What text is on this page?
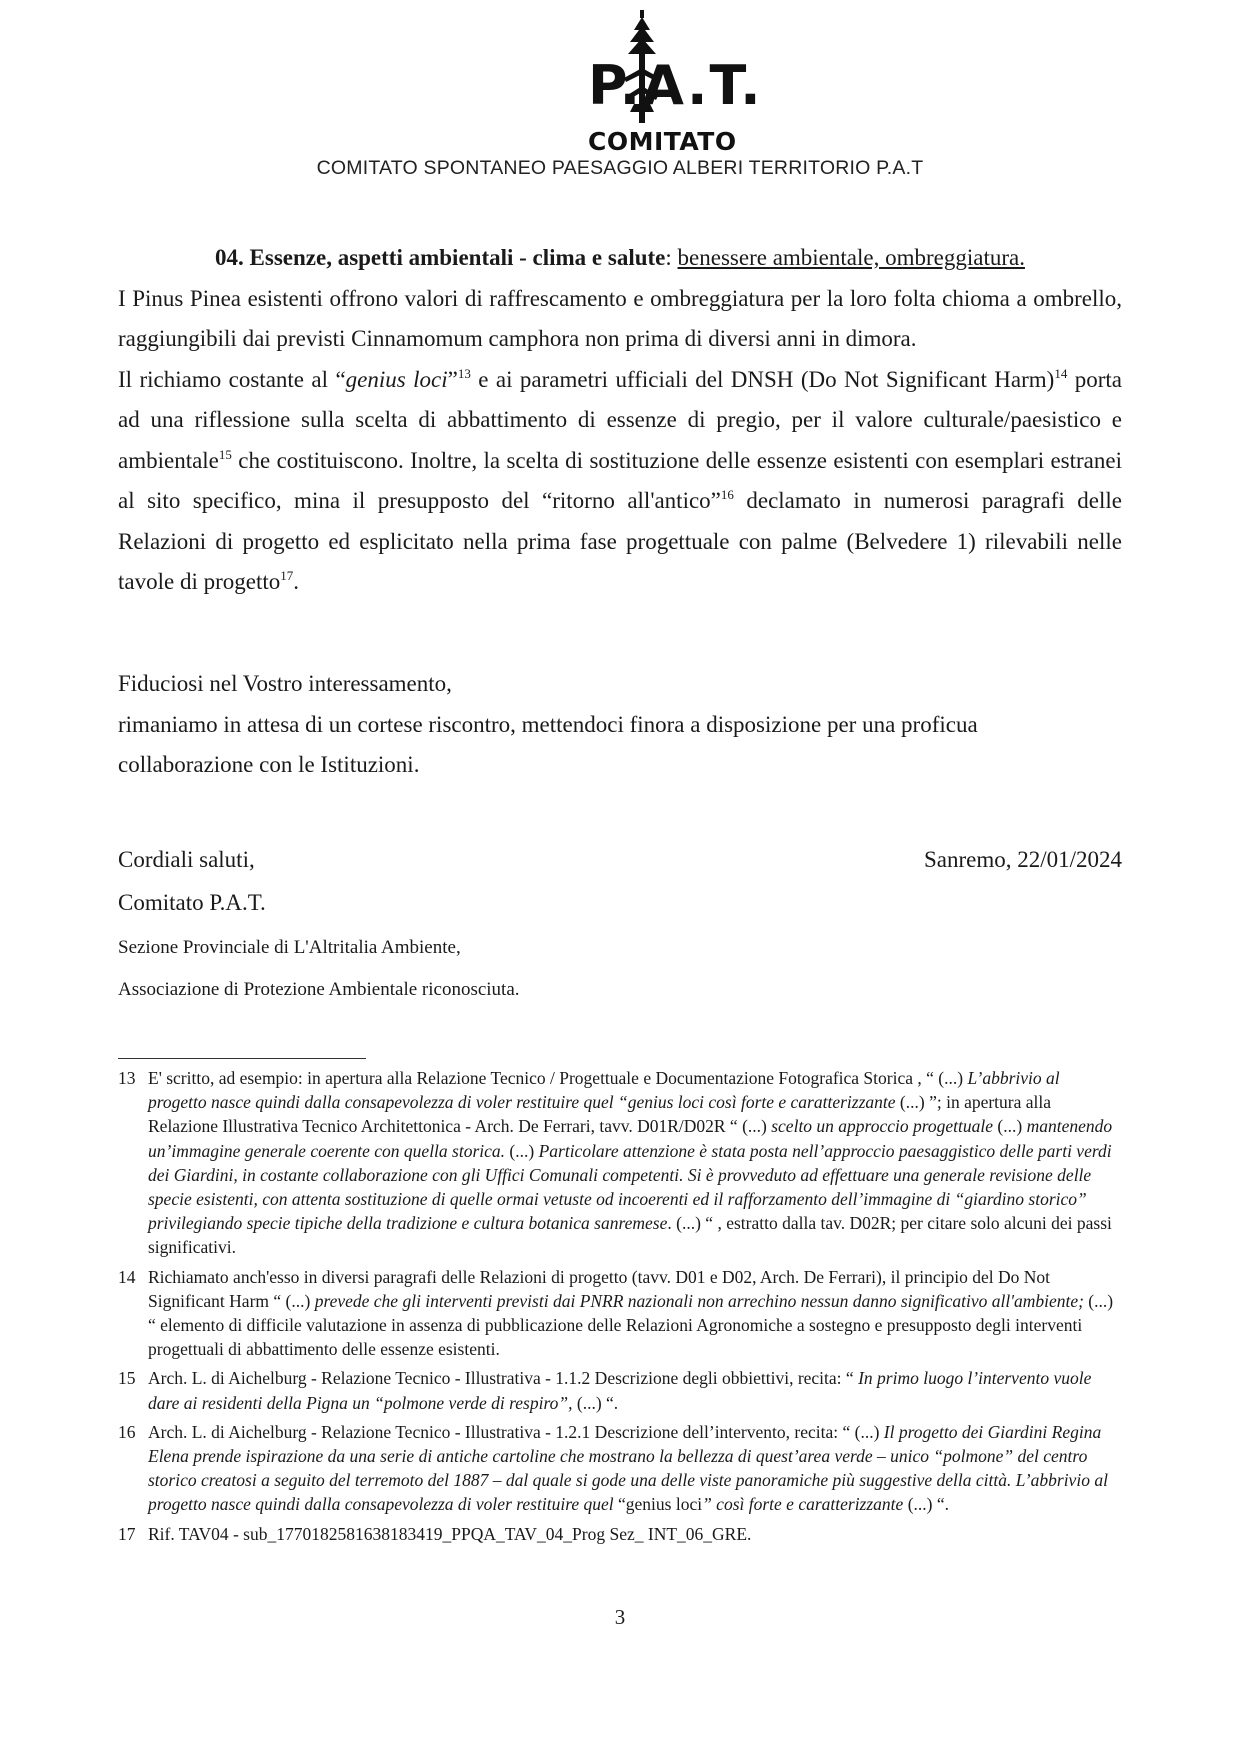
P.A.T.
COMITATO
COMITATO SPONTANEO PAESAGGIO ALBERI TERRITORIO P.A.T

04. Essenze, aspetti ambientali - clima e salute: benessere ambientale, ombreggiatura.

I Pinus Pinea esistenti offrono valori di raffrescamento e ombreggiatura per la loro folta chioma a ombrello, raggiungibili dai previsti Cinnamomum camphora non prima di diversi anni in dimora.

Il richiamo costante al “genius loci”$^{13}$ e ai parametri ufficiali del DNSH (Do Not Significant Harm)$^{14}$ porta ad una riflessione sulla scelta di abbattimento di essenze di pregio, per il valore culturale/paesistico e ambientale$^{15}$ che costituiscono. Inoltre, la scelta di sostituzione delle essenze esistenti con esemplari estranei al sito specifico, mina il presupposto del “ritorno all'antico”$^{16}$ declamato in numerosi paragrafi delle Relazioni di progetto ed esplicitato nella prima fase progettuale con palme (Belvedere 1) rilevabili nelle tavole di progetto$^{17}$.

Fiduciosi nel Vostro interessamento,

rimaniamo in attesa di un cortese riscontro, mettendoci finora a disposizione per una proficua

collaborazione con le Istituzioni.

Cordiali saluti,	Sanremo, 22/01/2024
Comitato P.A.T.
Sezione Provinciale di L'Altritalia Ambiente,
Associazione di Protezione Ambientale riconosciuta.

13 E' scritto, ad esempio: in apertura alla Relazione Tecnico / Progettuale e Documentazione Fotografica Storica , “ (...) L’abbrivio al progetto nasce quindi dalla consapevolezza di voler restituire quel “genius loci così forte e caratterizzante (...) ”; in apertura alla Relazione Illustrativa Tecnico Architettonica - Arch. De Ferrari, tavv. D01R/D02R “ (...) scelto un approccio progettuale (...) mantenendo un’immagine generale coerente con quella storica. (...) Particolare attenzione è stata posta nell’approccio paesaggistico delle parti verdi dei Giardini, in costante collaborazione con gli Uffici Comunali competenti. Si è provveduto ad effettuare una generale revisione delle specie esistenti, con attenta sostituzione di quelle ormai vetuste od incoerenti ed il rafforzamento dell’immagine di “giardino storico” privilegiando specie tipiche della tradizione e cultura botanica sanremese. (...) “ , estratto dalla tav. D02R; per citare solo alcuni dei passi significativi.

14 Richiamato anch'esso in diversi paragrafi delle Relazioni di progetto (tavv. D01 e D02, Arch. De Ferrari), il principio del Do Not Significant Harm “ (...) prevede che gli interventi previsti dai PNRR nazionali non arrechino nessun danno significativo all'ambiente; (...) “ elemento di difficile valutazione in assenza di pubblicazione delle Relazioni Agronomiche a sostegno e presupposto degli interventi progettuali di abbattimento delle essenze esistenti.

15 Arch. L. di Aichelburg - Relazione Tecnico - Illustrativa - 1.1.2 Descrizione degli obbiettivi, recita: “ In primo luogo l’intervento vuole dare ai residenti della Pigna un “polmone verde di respiro”, (...) “.

16 Arch. L. di Aichelburg - Relazione Tecnico - Illustrativa - 1.2.1 Descrizione dell’intervento, recita: “ (...) Il progetto dei Giardini Regina Elena prende ispirazione da una serie di antiche cartoline che mostrano la bellezza di quest’area verde – unico “polmone” del centro storico creatosi a seguito del terremoto del 1887 – dal quale si gode una delle viste panoramiche più suggestive della città. L’abbrivio al progetto nasce quindi dalla consapevolezza di voler restituire quel “genius loci” così forte e caratterizzante (...) “.

17 Rif. TAV04 - sub_1770182581638183419_PPQA_TAV_04_Prog Sez_ INT_06_GRE.

3
